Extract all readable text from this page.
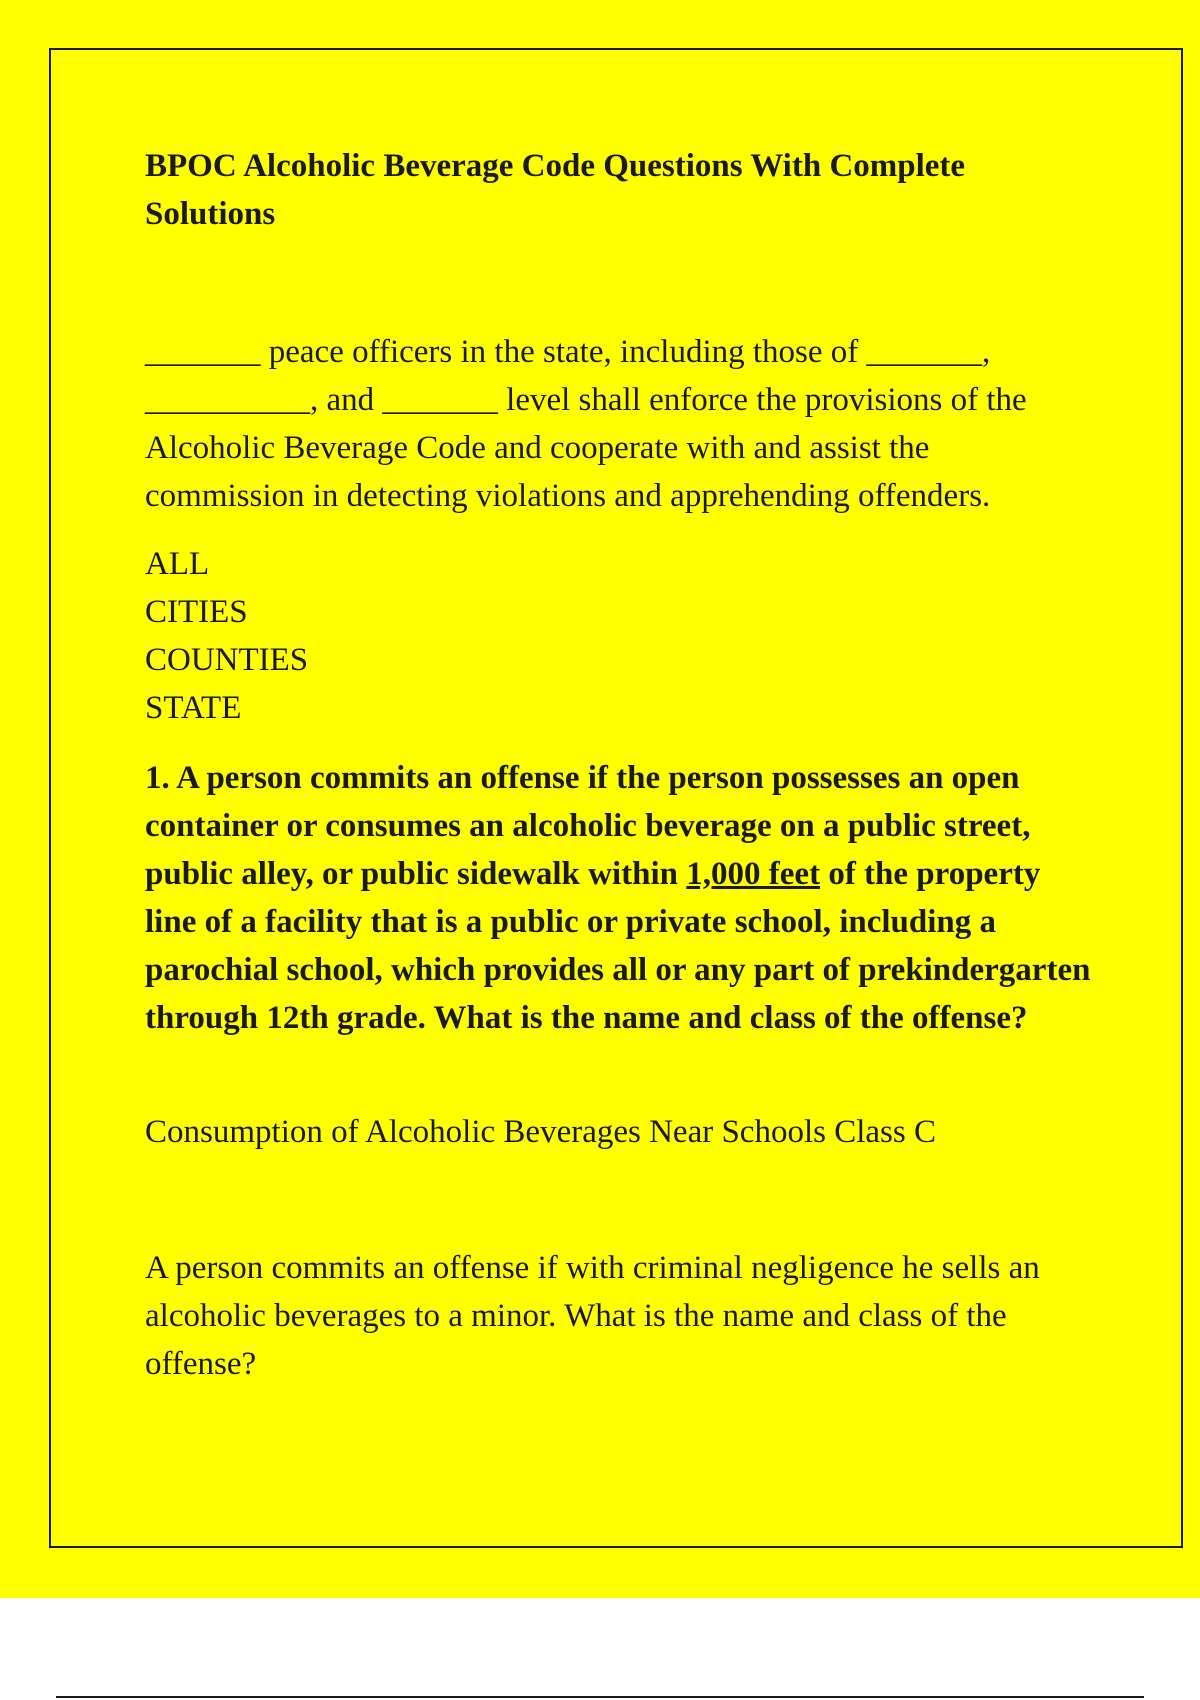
BPOC Alcoholic Beverage Code Questions With Complete Solutions
_______ peace officers in the state, including those of _______, __________, and _______ level shall enforce the provisions of the Alcoholic Beverage Code and cooperate with and assist the commission in detecting violations and apprehending offenders.
ALL
CITIES
COUNTIES
STATE
1. A person commits an offense if the person possesses an open container or consumes an alcoholic beverage on a public street, public alley, or public sidewalk within 1,000 feet of the property line of a facility that is a public or private school, including a parochial school, which provides all or any part of prekindergarten through 12th grade. What is the name and class of the offense?
Consumption of Alcoholic Beverages Near Schools Class C
A person commits an offense if with criminal negligence he sells an alcoholic beverages to a minor. What is the name and class of the offense?
